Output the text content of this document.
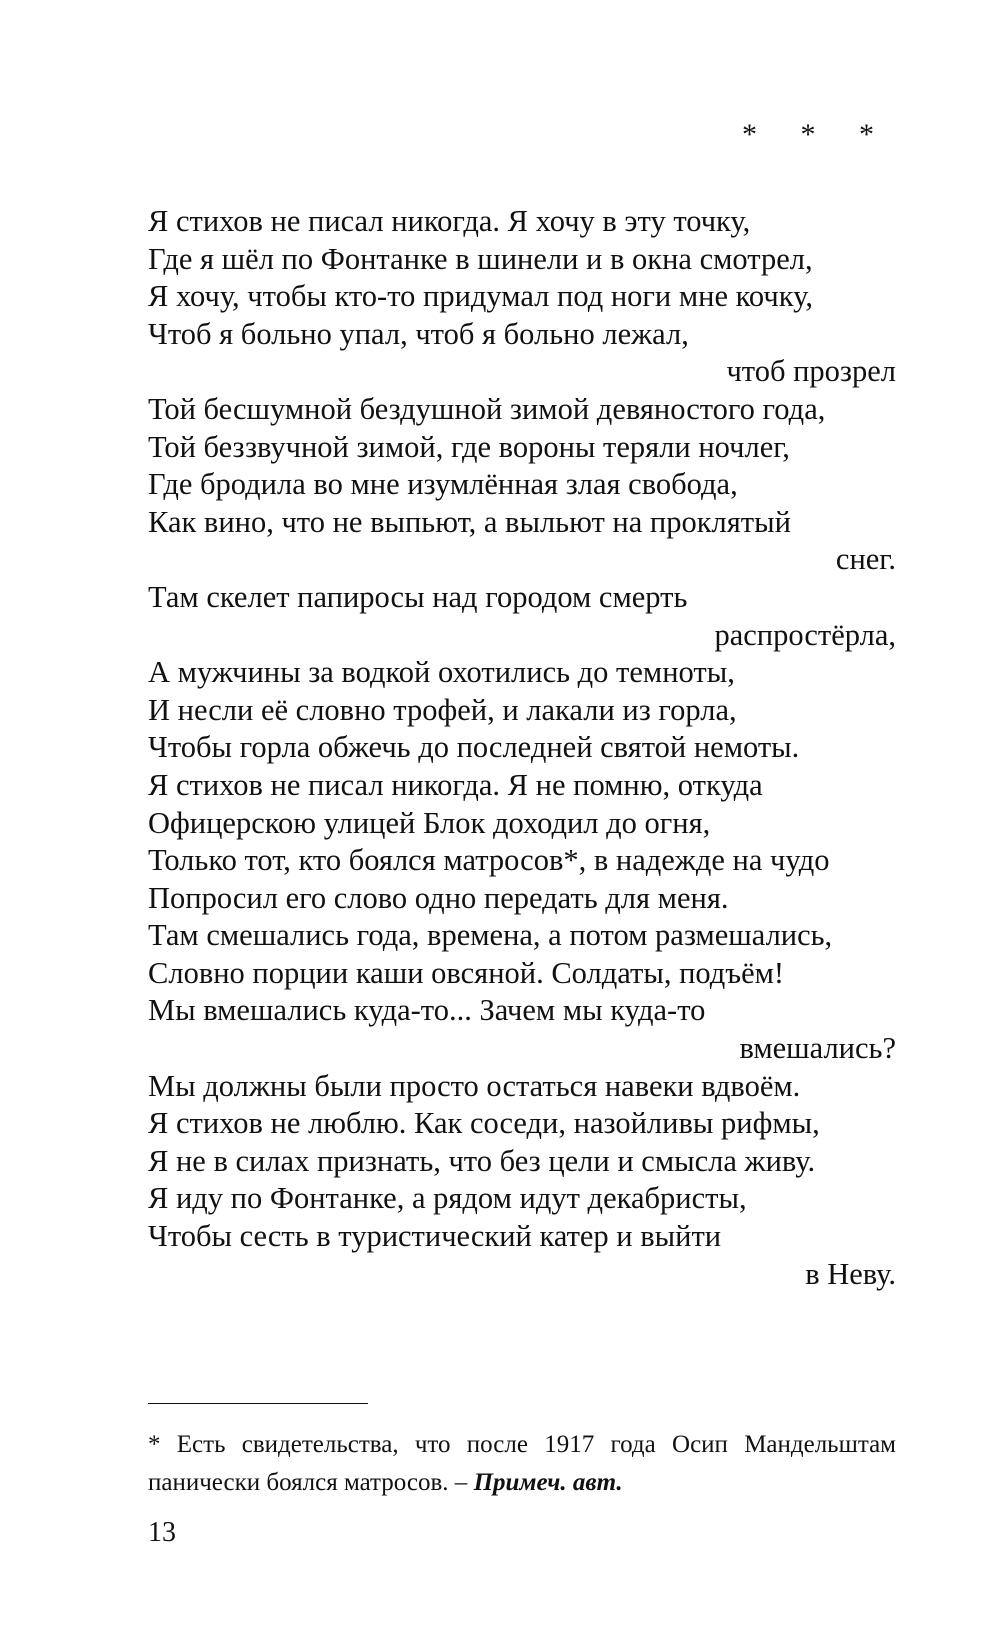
* * *
Я стихов не писал никогда. Я хочу в эту точку,
Где я шёл по Фонтанке в шинели и в окна смотрел,
Я хочу, чтобы кто-то придумал под ноги мне кочку,
Чтоб я больно упал, чтоб я больно лежал,
чтоб прозрел
Той бесшумной бездушной зимой девяностого года,
Той беззвучной зимой, где вороны теряли ночлег,
Где бродила во мне изумлённая злая свобода,
Как вино, что не выпьют, а выльют на проклятый
снег.
Там скелет папиросы над городом смерть
распростёрла,
А мужчины за водкой охотились до темноты,
И несли её словно трофей, и лакали из горла,
Чтобы горла обжечь до последней святой немоты.
Я стихов не писал никогда. Я не помню, откуда
Офицерскою улицей Блок доходил до огня,
Только тот, кто боялся матросов*, в надежде на чудо
Попросил его слово одно передать для меня.
Там смешались года, времена, а потом размешались,
Словно порции каши овсяной. Солдаты, подъём!
Мы вмешались куда-то... Зачем мы куда-то
вмешались?
Мы должны были просто остаться навеки вдвоём.
Я стихов не люблю. Как соседи, назойливы рифмы,
Я не в силах признать, что без цели и смысла живу.
Я иду по Фонтанке, а рядом идут декабристы,
Чтобы сесть в туристический катер и выйти
в Неву.
* Есть свидетельства, что после 1917 года Осип Мандельштам панически боялся матросов. – Примеч. авт.
13
